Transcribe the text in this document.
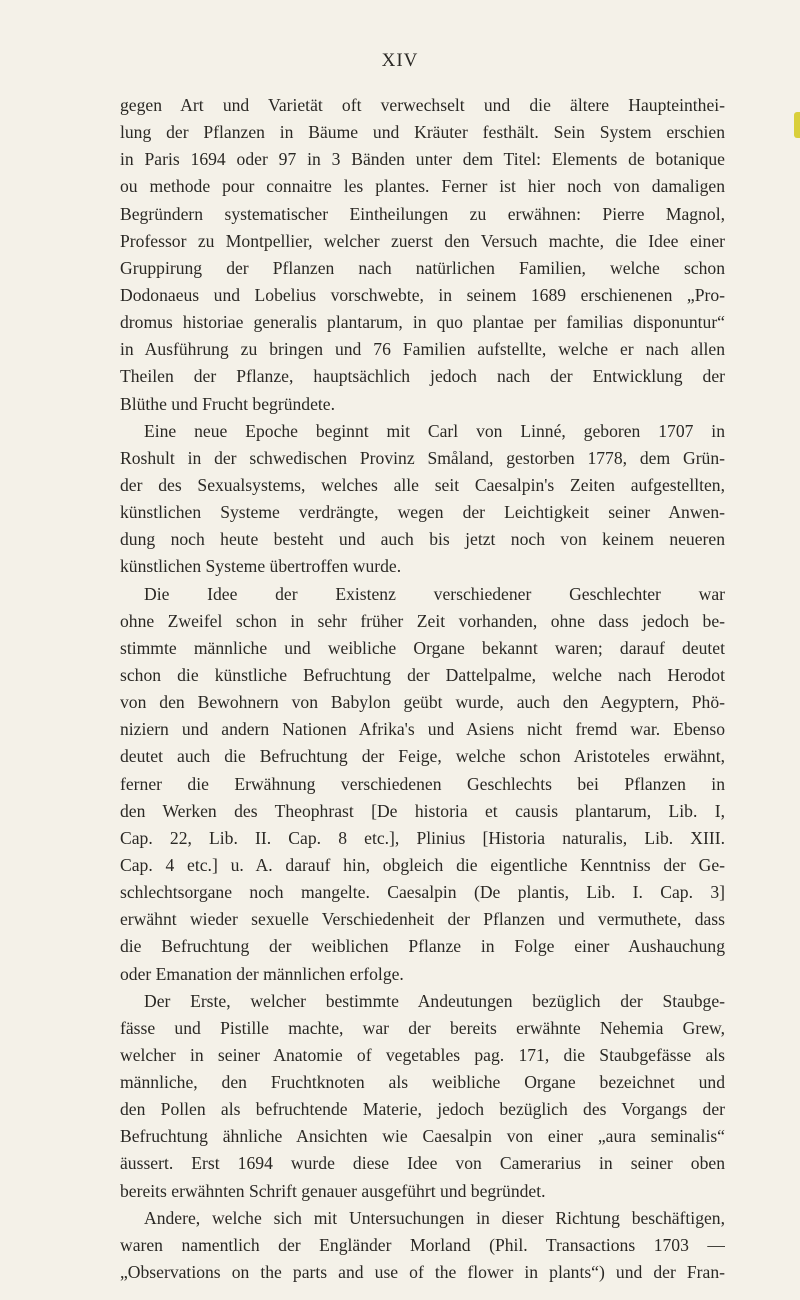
XIV
gegen Art und Varietät oft verwechselt und die ältere Haupteinthei-
lung der Pflanzen in Bäume und Kräuter festhält. Sein System erschien
in Paris 1694 oder 97 in 3 Bänden unter dem Titel: Elements de botanique
ou methode pour connaitre les plantes. Ferner ist hier noch von damaligen
Begründern systematischer Eintheilungen zu erwähnen: Pierre Magnol,
Professor zu Montpellier, welcher zuerst den Versuch machte, die Idee einer
Gruppirung der Pflanzen nach natürlichen Familien, welche schon
Dodonaeus und Lobelius vorschwebte, in seinem 1689 erschienenen „Pro-
dromus historiae generalis plantarum, in quo plantae per familias disponuntur“
in Ausführung zu bringen und 76 Familien aufstellte, welche er nach allen
Theilen der Pflanze, hauptsächlich jedoch nach der Entwicklung der
Blüthe und Frucht begründete.
Eine neue Epoche beginnt mit Carl von Linné, geboren 1707 in
Roshult in der schwedischen Provinz Småland, gestorben 1778, dem Grün-
der des Sexualsystems, welches alle seit Caesalpin's Zeiten aufgestellten,
künstlichen Systeme verdrängte, wegen der Leichtigkeit seiner Anwen-
dung noch heute besteht und auch bis jetzt noch von keinem neueren
künstlichen Systeme übertroffen wurde.
Die Idee der Existenz verschiedener Geschlechter war
ohne Zweifel schon in sehr früher Zeit vorhanden, ohne dass jedoch be-
stimmte männliche und weibliche Organe bekannt waren; darauf deutet
schon die künstliche Befruchtung der Dattelpalme, welche nach Herodot
von den Bewohnern von Babylon geübt wurde, auch den Aegyptern, Phö-
niziern und andern Nationen Afrika's und Asiens nicht fremd war. Ebenso
deutet auch die Befruchtung der Feige, welche schon Aristoteles erwähnt,
ferner die Erwähnung verschiedenen Geschlechts bei Pflanzen in
den Werken des Theophrast [De historia et causis plantarum, Lib. I,
Cap. 22, Lib. II. Cap. 8 etc.], Plinius [Historia naturalis, Lib. XIII.
Cap. 4 etc.] u. A. darauf hin, obgleich die eigentliche Kenntniss der Ge-
schlechtsorgane noch mangelte. Caesalpin (De plantis, Lib. I. Cap. 3]
erwähnt wieder sexuelle Verschiedenheit der Pflanzen und vermuthete, dass
die Befruchtung der weiblichen Pflanze in Folge einer Aushauchung
oder Emanation der männlichen erfolge.
Der Erste, welcher bestimmte Andeutungen bezüglich der Staubge-
fässe und Pistille machte, war der bereits erwähnte Nehemia Grew,
welcher in seiner Anatomie of vegetables pag. 171, die Staubgefässe als
männliche, den Fruchtknoten als weibliche Organe bezeichnet und
den Pollen als befruchtende Materie, jedoch bezüglich des Vorgangs der
Befruchtung ähnliche Ansichten wie Caesalpin von einer „aura seminalis“
äussert. Erst 1694 wurde diese Idee von Camerarius in seiner oben
bereits erwähnten Schrift genauer ausgeführt und begründet.
Andere, welche sich mit Untersuchungen in dieser Richtung beschäftigen,
waren namentlich der Engländer Morland (Phil. Transactions 1703 —
„Observations on the parts and use of the flower in plants“) und der Fran-
